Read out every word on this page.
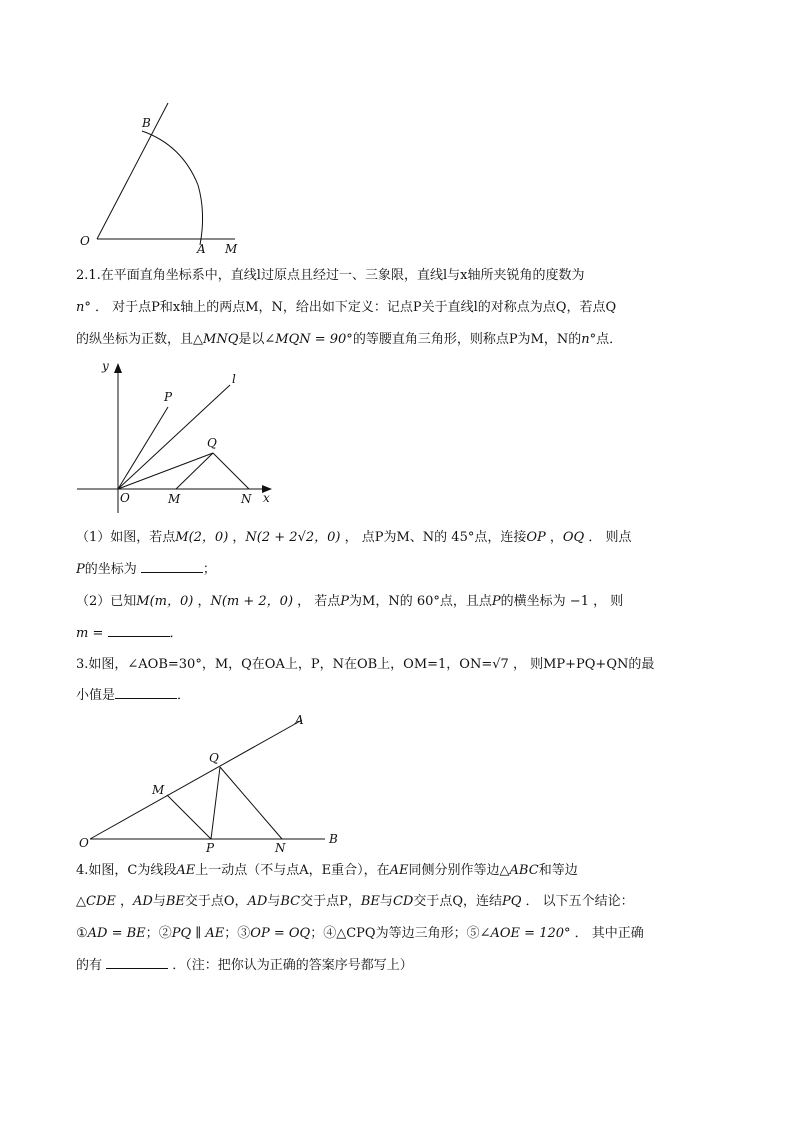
B
O
A M
2.1.在平面直角坐标系中，直线l过原点且经过一、三象限，直线l与x轴所夹锐角的度数为
n° ． 对于点P和x轴上的两点M，N，给出如下定义：记点P关于直线l的对称点为点Q，若点Q
的纵坐标为正数，且△MNQ是以∠MQN = 90°的等腰直角三角形，则称点P为M，N的n°点．
y
x
O
P
l
Q
M	N
（1）如图，若点M(2，0) ，N(2 + 2√2，0) ， 点P为M、N的 45°点，连接OP ，OQ ． 则点
P的坐标为	；
（2）已知M(m，0) ，N(m + 2，0) ， 若点P为M，N的 60°点，且点P的横坐标为 −1 ， 则
m =	．
3.如图，∠AOB=30°，M，Q在OA上，P，N在OB上，OM=1，ON=√7 ， 则MP+PQ+QN的最
小值是	．
A
Q
M
O	P	N
B
4.如图，C为线段AE上一动点（不与点A，E重合），在AE同侧分别作等边△ABC和等边
△CDE ，AD与BE交于点O，AD与BC交于点P，BE与CD交于点Q，连结PQ ． 以下五个结论：
①AD = BE；②PQ ∥ AE；③OP = OQ；④△CPQ为等边三角形；⑤∠AOE = 120° ． 其中正确
的有	．（注：把你认为正确的答案序号都写上）
